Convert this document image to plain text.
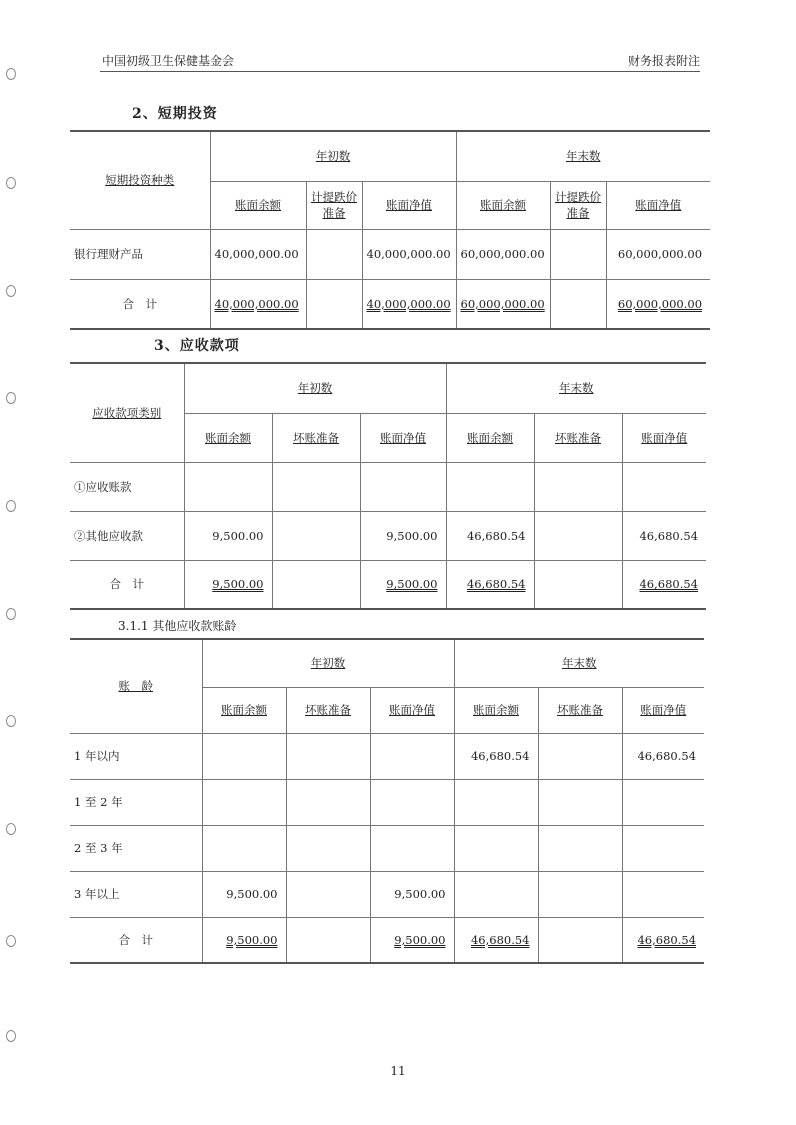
中国初级卫生保健基金会	财务报表附注
2、短期投资
短期投资种类	年初数			年末数		
	账面余额	计提跌价准备	账面净值	账面余额	计提跌价准备	账面净值
银行理财产品	40,000,000.00		40,000,000.00	60,000,000.00		60,000,000.00
合　计	40,000,000.00		40,000,000.00	60,000,000.00		60,000,000.00
3、应收款项
应收款项类别	年初数			年末数		
	账面余额	坏账准备	账面净值	账面余额	坏账准备	账面净值
①应收账款						
②其他应收款	9,500.00		9,500.00	46,680.54		46,680.54
合　计	9,500.00		9,500.00	46,680.54		46,680.54
3.1.1 其他应收款账龄
账　龄	年初数			年末数		
	账面余额	坏账准备	账面净值	账面余额	坏账准备	账面净值
1 年以内				46,680.54		46,680.54
1 至 2 年						
2 至 3 年						
3 年以上	9,500.00		9,500.00			
合　计	9,500.00		9,500.00	46,680.54		46,680.54
11
